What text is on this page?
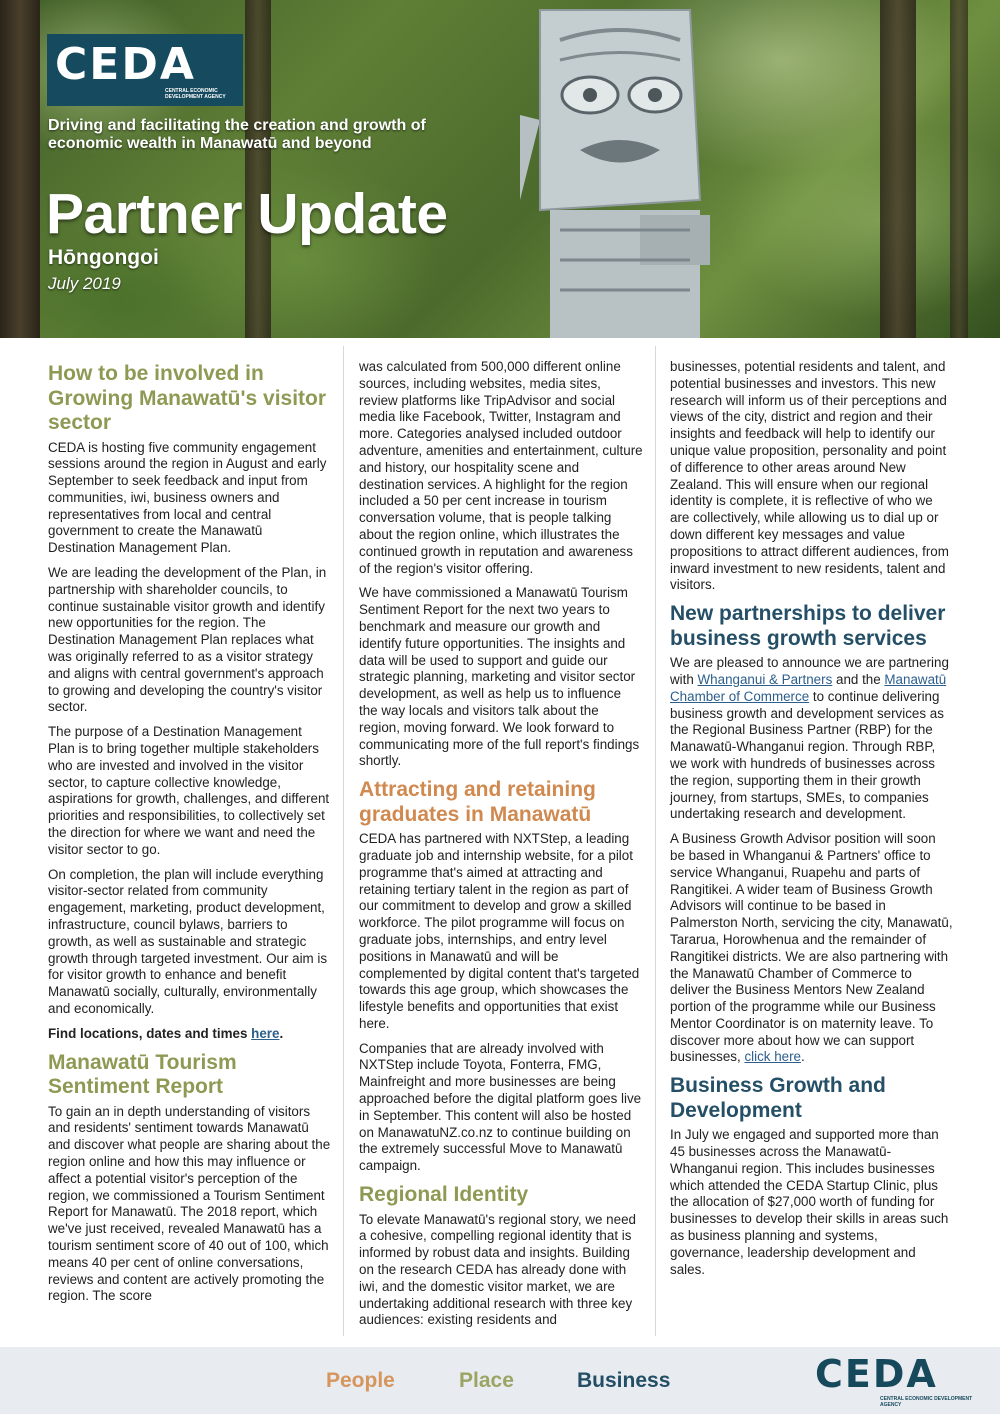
CEDA
CENTRAL ECONOMIC DEVELOPMENT AGENCY
Driving and facilitating the creation and growth of
economic wealth in Manawatū and beyond
Partner Update
Hōngongoi
July 2019
How to be involved in Growing Manawatū's visitor sector

CEDA is hosting five community engagement sessions around the region in August and early September to seek feedback and input from communities, iwi, business owners and representatives from local and central government to create the Manawatū Destination Management Plan.

We are leading the development of the Plan, in partnership with shareholder councils, to continue sustainable visitor growth and identify new opportunities for the region. The Destination Management Plan replaces what was originally referred to as a visitor strategy and aligns with central government's approach to growing and developing the country's visitor sector.

The purpose of a Destination Management Plan is to bring together multiple stakeholders who are invested and involved in the visitor sector, to capture collective knowledge, aspirations for growth, challenges, and different priorities and responsibilities, to collectively set the direction for where we want and need the visitor sector to go.

On completion, the plan will include everything visitor-sector related from community engagement, marketing, product development, infrastructure, council bylaws, barriers to growth, as well as sustainable and strategic growth through targeted investment. Our aim is for visitor growth to enhance and benefit Manawatū socially, culturally, environmentally and economically.

Find locations, dates and times here.

Manawatū Tourism Sentiment Report

To gain an in depth understanding of visitors and residents' sentiment towards Manawatū and discover what people are sharing about the region online and how this may influence or affect a potential visitor's perception of the region, we commissioned a Tourism Sentiment Report for Manawatū. The 2018 report, which we've just received, revealed Manawatū has a tourism sentiment score of 40 out of 100, which means 40 per cent of online conversations, reviews and content are actively promoting the region. The score

was calculated from 500,000 different online sources, including websites, media sites, review platforms like TripAdvisor and social media like Facebook, Twitter, Instagram and more. Categories analysed included outdoor adventure, amenities and entertainment, culture and history, our hospitality scene and destination services. A highlight for the region included a 50 per cent increase in tourism conversation volume, that is people talking about the region online, which illustrates the continued growth in reputation and awareness of the region's visitor offering.

We have commissioned a Manawatū Tourism Sentiment Report for the next two years to benchmark and measure our growth and identify future opportunities. The insights and data will be used to support and guide our strategic planning, marketing and visitor sector development, as well as help us to influence the way locals and visitors talk about the region, moving forward. We look forward to communicating more of the full report's findings shortly.

Attracting and retaining graduates in Manawatū

CEDA has partnered with NXTStep, a leading graduate job and internship website, for a pilot programme that's aimed at attracting and retaining tertiary talent in the region as part of our commitment to develop and grow a skilled workforce. The pilot programme will focus on graduate jobs, internships, and entry level positions in Manawatū and will be complemented by digital content that's targeted towards this age group, which showcases the lifestyle benefits and opportunities that exist here.

Companies that are already involved with NXTStep include Toyota, Fonterra, FMG, Mainfreight and more businesses are being approached before the digital platform goes live in September. This content will also be hosted on ManawatuNZ.co.nz to continue building on the extremely successful Move to Manawatū campaign.

Regional Identity

To elevate Manawatū's regional story, we need a cohesive, compelling regional identity that is informed by robust data and insights. Building on the research CEDA has already done with iwi, and the domestic visitor market, we are undertaking additional research with three key audiences: existing residents and

businesses, potential residents and talent, and potential businesses and investors. This new research will inform us of their perceptions and views of the city, district and region and their insights and feedback will help to identify our unique value proposition, personality and point of difference to other areas around New Zealand. This will ensure when our regional identity is complete, it is reflective of who we are collectively, while allowing us to dial up or down different key messages and value propositions to attract different audiences, from inward investment to new residents, talent and visitors.

New partnerships to deliver business growth services

We are pleased to announce we are partnering with Whanganui & Partners and the Manawatū Chamber of Commerce to continue delivering business growth and development services as the Regional Business Partner (RBP) for the Manawatū-Whanganui region. Through RBP, we work with hundreds of businesses across the region, supporting them in their growth journey, from startups, SMEs, to companies undertaking research and development.

A Business Growth Advisor position will soon be based in Whanganui & Partners' office to service Whanganui, Ruapehu and parts of Rangitikei. A wider team of Business Growth Advisors will continue to be based in Palmerston North, servicing the city, Manawatū, Tararua, Horowhenua and the remainder of Rangitikei districts. We are also partnering with the Manawatū Chamber of Commerce to deliver the Business Mentors New Zealand portion of the programme while our Business Mentor Coordinator is on maternity leave. To discover more about how we can support businesses, click here.

Business Growth and Development

In July we engaged and supported more than 45 businesses across the Manawatū-Whanganui region. This includes businesses which attended the CEDA Startup Clinic, plus the allocation of $27,000 worth of funding for businesses to develop their skills in areas such as business planning and systems, governance, leadership development and sales.

People	Place	Business	CEDA
CENTRAL ECONOMIC DEVELOPMENT AGENCY
